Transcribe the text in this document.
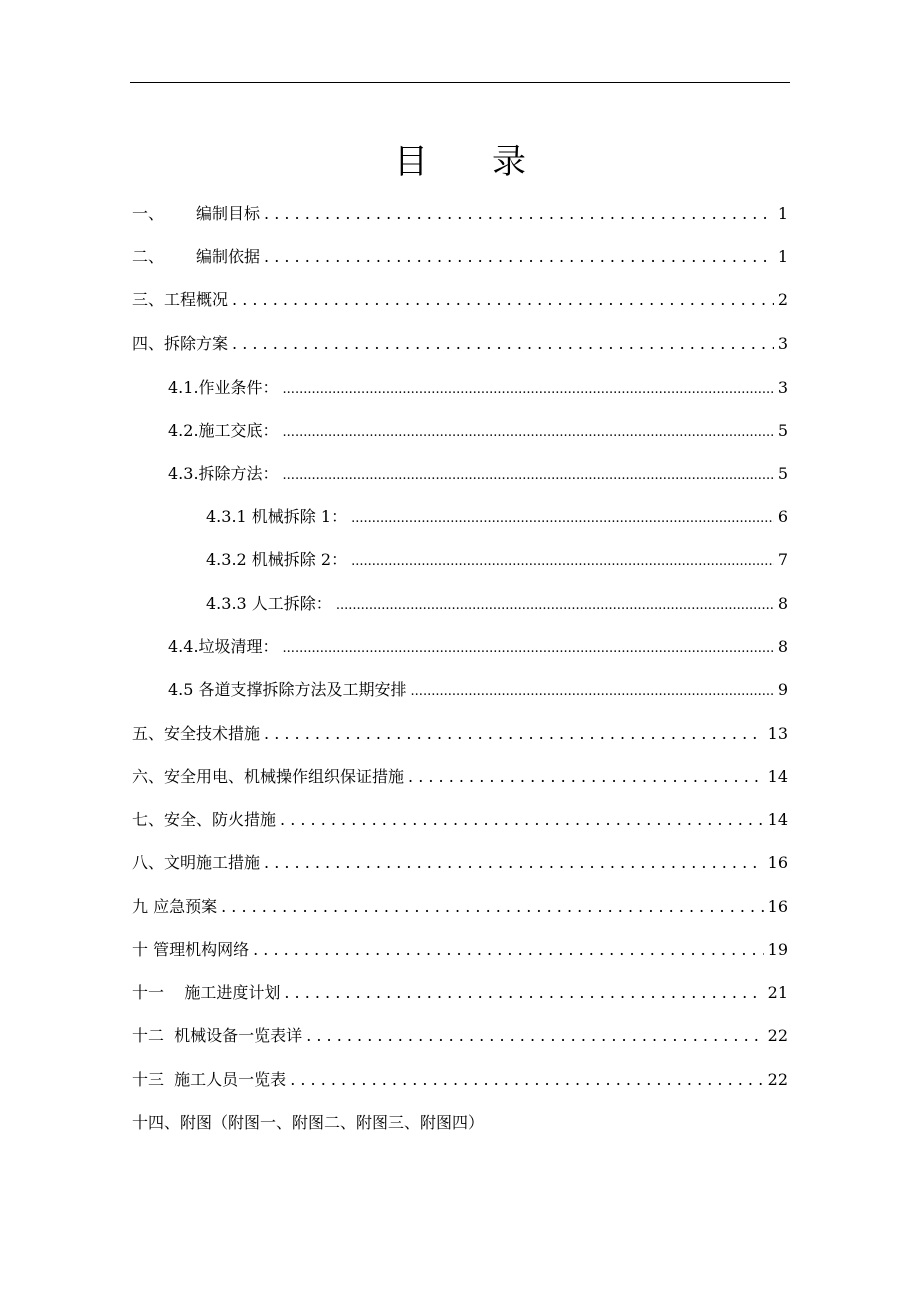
目 录
一、	编制目标 . . .	1
二、	编制依据 . . .	1
三、工程概况 . . .	2
四、拆除方案 . . .	3
4.1.作业条件： .....	3
4.2.施工交底： .....	5
4.3.拆除方法： .....	5
4.3.1 机械拆除 1： .....	6
4.3.2 机械拆除 2： .....	7
4.3.3 人工拆除： .....	8
4.4.垃圾清理： .....	8
4.5 各道支撑拆除方法及工期安排 .....	9
五、安全技术措施 . . .	13
六、安全用电、机械操作组织保证措施 . . .	14
七、安全、防火措施 . . .	14
八、文明施工措施 . . .	16
九 应急预案 . . .	16
十 管理机构网络 . . .	19
十一    施工进度计划 . . .	21
十二  机械设备一览表详 . . .	22
十三  施工人员一览表 . . .	22
十四、附图（附图一、附图二、附图三、附图四）
